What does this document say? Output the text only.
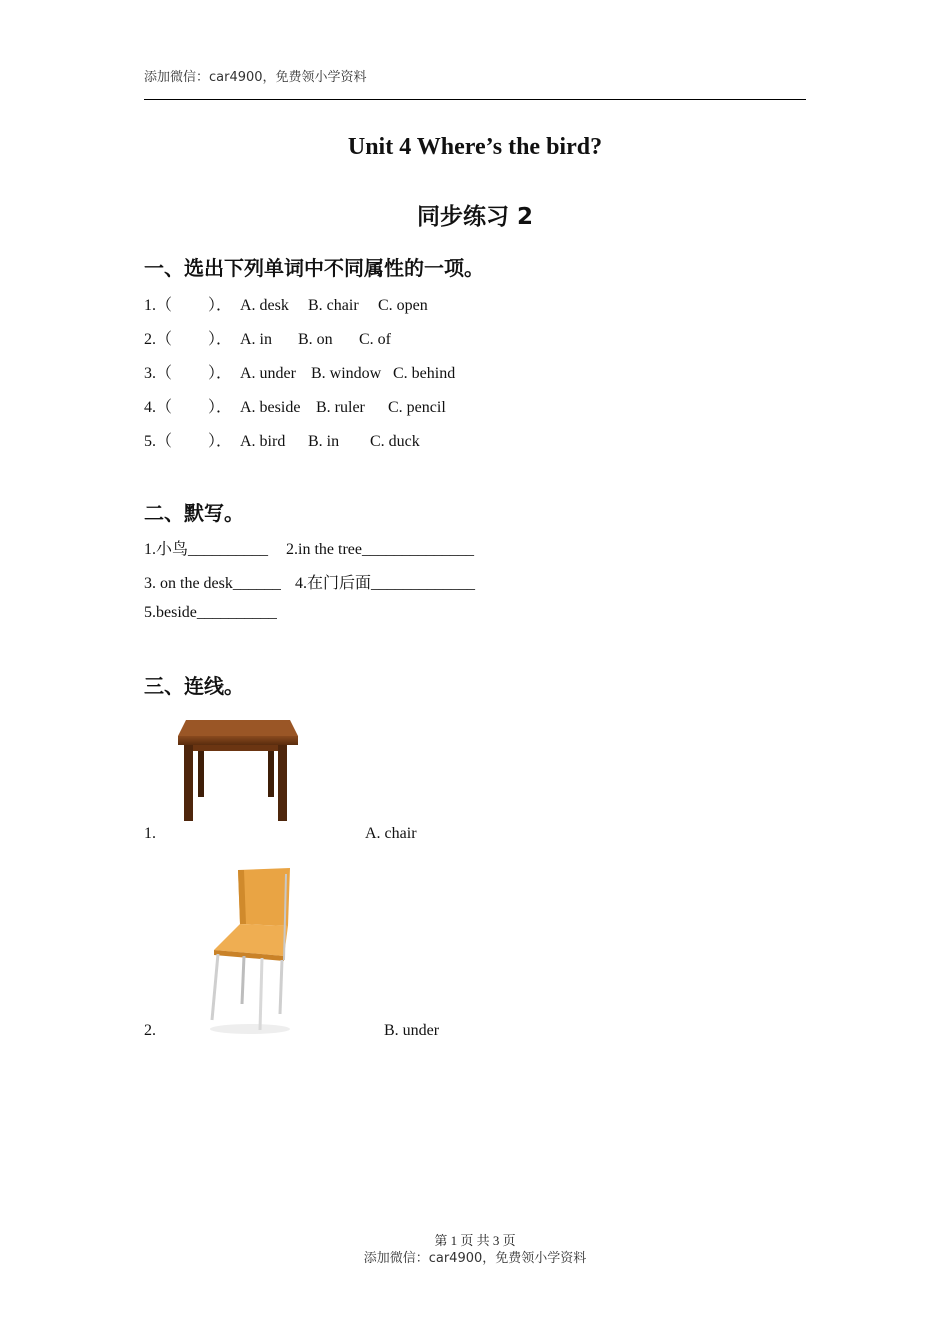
添加微信：car4900，免费领小学资料
Unit 4 Where’s the bird?
同步练习 2
一、选出下列单词中不同属性的一项。
1.（ ）． A. desk B. chair C. open
2.（ ）． A. in B. on C. of
3.（ ）． A. under B. window C. behind
4.（ ）． A. beside B. ruler C. pencil
5.（ ）． A. bird B. in C. duck
二、默写。
1.小鸟__________ 2.in the tree______________
3. on the desk______ 4.在门后面_____________
5.beside__________
三、连线。
1.	A. chair
2.	B. under
第 1 页 共 3 页
添加微信：car4900，免费领小学资料
